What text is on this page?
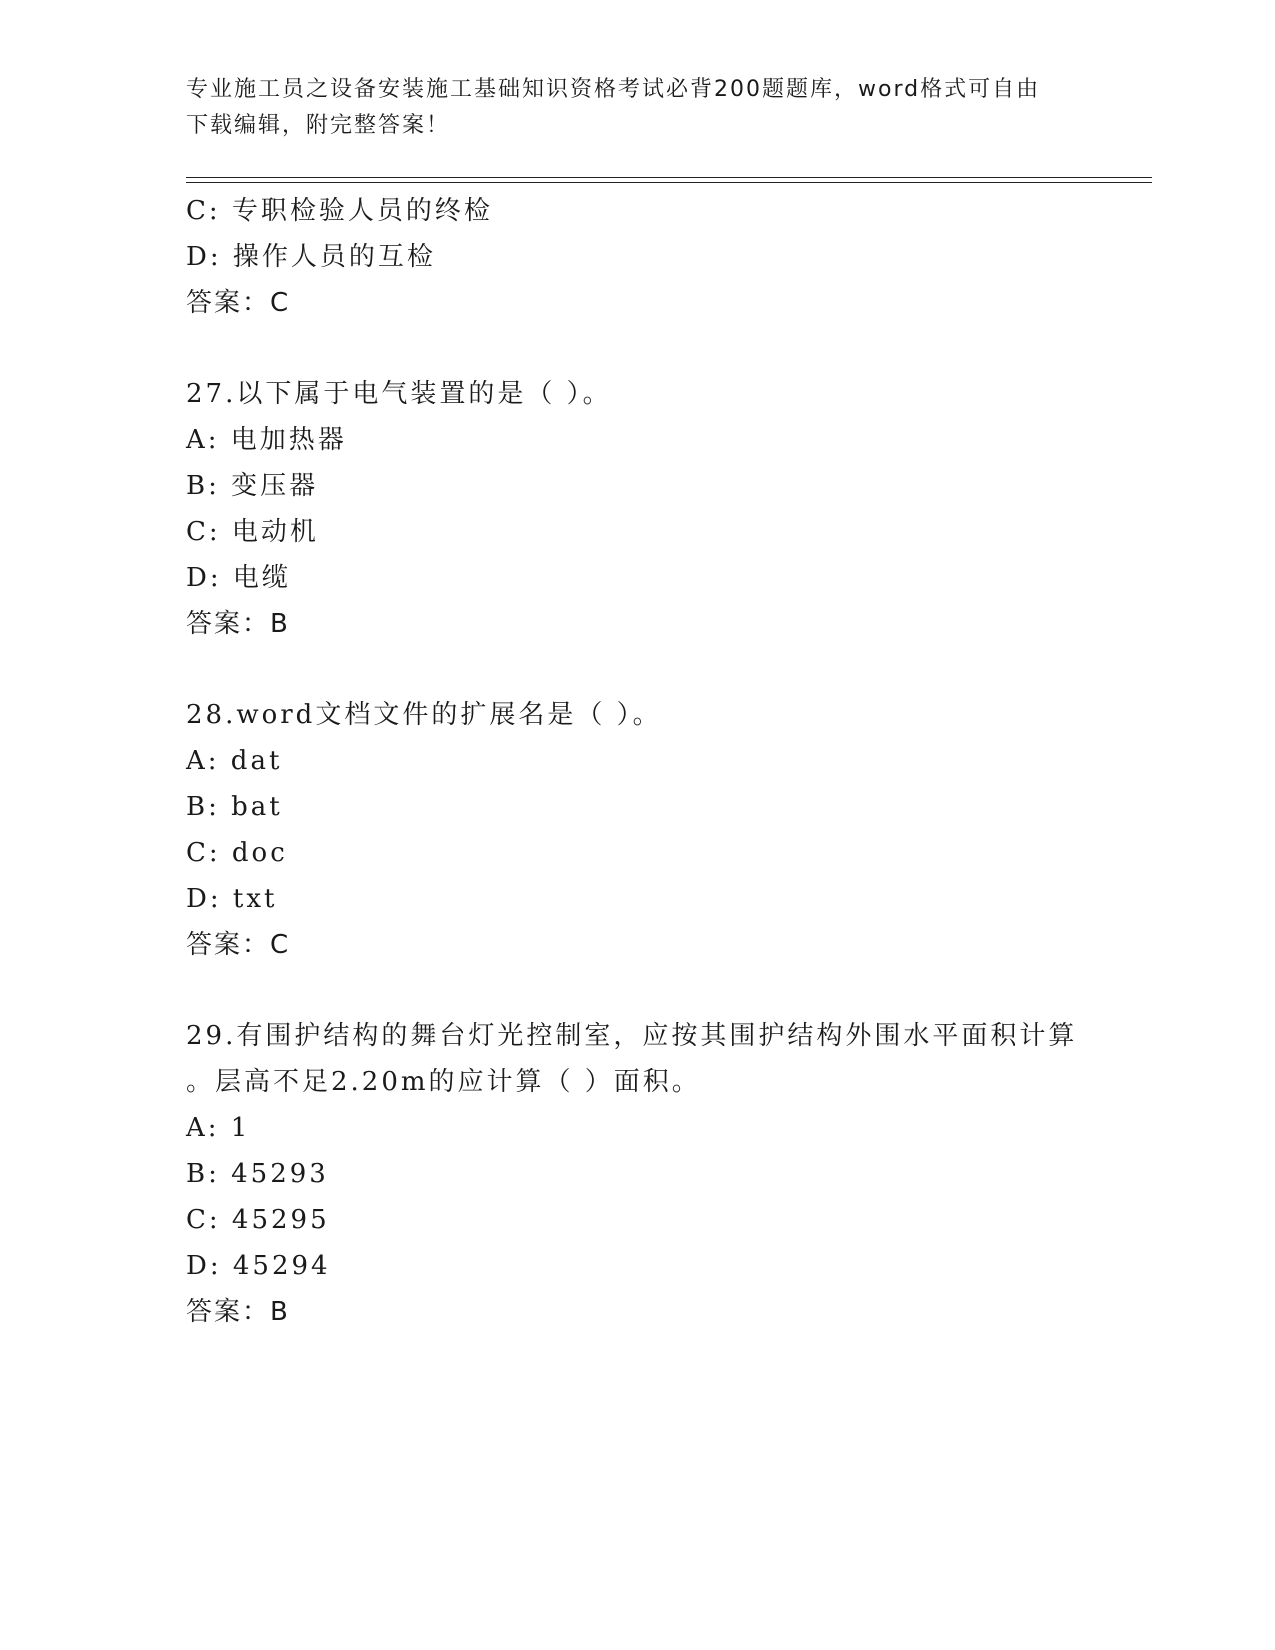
专业施工员之设备安装施工基础知识资格考试必背200题题库，word格式可自由
下载编辑，附完整答案！
C: 专职检验人员的终检
D: 操作人员的互检
答案：C
27.以下属于电气装置的是（ ）。
A: 电加热器
B: 变压器
C: 电动机
D: 电缆
答案：B
28.word文档文件的扩展名是（ ）。
A: dat
B: bat
C: doc
D: txt
答案：C
29.有围护结构的舞台灯光控制室，应按其围护结构外围水平面积计算
。层高不足2.20m的应计算（ ）面积。
A: 1
B: 45293
C: 45295
D: 45294
答案：B
